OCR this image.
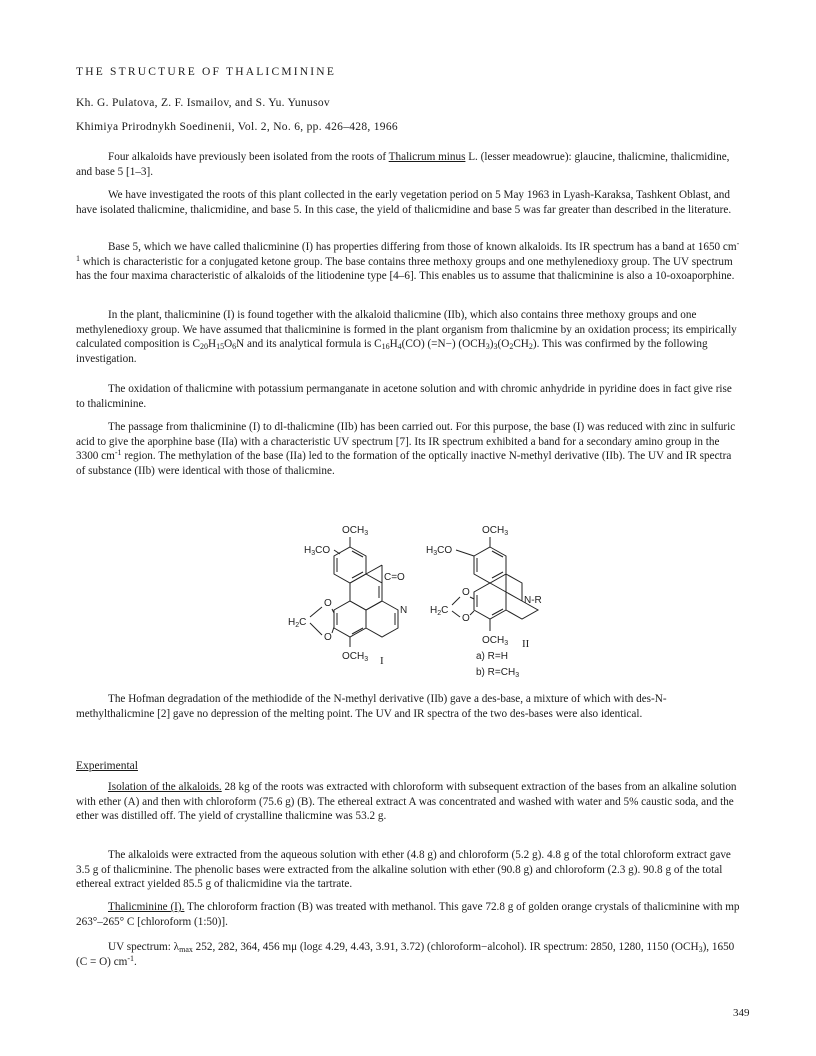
THE STRUCTURE OF THALICMININE
Kh. G. Pulatova, Z. F. Ismailov, and S. Yu. Yunusov
Khimiya Prirodnykh Soedinenii, Vol. 2, No. 6, pp. 426–428, 1966

Four alkaloids have previously been isolated from the roots of Thalicrum minus L. (lesser meadowrue): glaucine, thalicmine, thalicmidine, and base 5 [1–3].

We have investigated the roots of this plant collected in the early vegetation period on 5 May 1963 in Lyash-Karaksa, Tashkent Oblast, and have isolated thalicmine, thalicmidine, and base 5. In this case, the yield of thalicmidine and base 5 was far greater than described in the literature.

Base 5, which we have called thalicminine (I) has properties differing from those of known alkaloids. Its IR spectrum has a band at 1650 $cm^{-1}$ which is characteristic for a conjugated ketone group. The base contains three methoxy groups and one methylenedioxy group. The UV spectrum has the four maxima characteristic of alkaloids of the litiodenine type [4–6]. This enables us to assume that thalicminine is also a 10-oxoaporphine.

In the plant, thalicminine (I) is found together with the alkaloid thalicmine (IIb), which also contains three methoxy groups and one methylenedioxy group. We have assumed that thalicminine is formed in the plant organism from thalicmine by an oxidation process; its empirically calculated composition is $C_{20}H_{15}O_6N$ and its analytical formula is $C_{16}H_4(CO)$ (=N−) $(OCH_3)_3(O_2CH_2)$. This was confirmed by the following investigation.

The oxidation of thalicmine with potassium permanganate in acetone solution and with chromic anhydride in pyridine does in fact give rise to thalicminine.

The passage from thalicminine (I) to dl-thalicmine (IIb) has been carried out. For this purpose, the base (I) was reduced with zinc in sulfuric acid to give the aporphine base (IIa) with a characteristic UV spectrum [7]. Its IR spectrum exhibited a band for a secondary amino group in the 3300 $cm^{-1}$ region. The methylation of the base (IIa) led to the formation of the optically inactive N-methyl derivative (IIb). The UV and IR spectra of substance (IIb) were identical with those of thalicmine.

$OCH_3$
$H_3CO$
C=O
N
O
O
$H_2C$
$OCH_3$ I
$OCH_3$
$H_3CO$
N-R
O
O
$H_2C$
$OCH_3$ II
a) R=H
b) $R=CH_3$

The Hofman degradation of the methiodide of the N-methyl derivative (IIb) gave a des-base, a mixture of which with des-N-methylthalicmine [2] gave no depression of the melting point. The UV and IR spectra of the two des-bases were also identical.

Experimental

Isolation of the alkaloids. 28 kg of the roots was extracted with chloroform with subsequent extraction of the bases from an alkaline solution with ether (A) and then with chloroform (75.6 g) (B). The ethereal extract A was concentrated and washed with water and 5% caustic soda, and the ether was distilled off. The yield of crystalline thalicmine was 53.2 g.

The alkaloids were extracted from the aqueous solution with ether (4.8 g) and chloroform (5.2 g). 4.8 g of the total chloroform extract gave 3.5 g of thalicminine. The phenolic bases were extracted from the alkaline solution with ether (90.8 g) and chloroform (2.3 g). 90.8 g of the total ethereal extract yielded 85.5 g of thalicmidine via the tartrate.

Thalicminine (I). The chloroform fraction (B) was treated with methanol. This gave 72.8 g of golden orange crystals of thalicminine with mp 263°–265° C [chloroform (1:50)].

UV spectrum: $\lambda_{max}$ 252, 282, 364, 456 mμ (logε 4.29, 4.43, 3.91, 3.72) (chloroform−alcohol). IR spectrum: 2850, 1280, 1150 $(OCH_3)$, 1650 (C = O) $cm^{-1}$.

349
